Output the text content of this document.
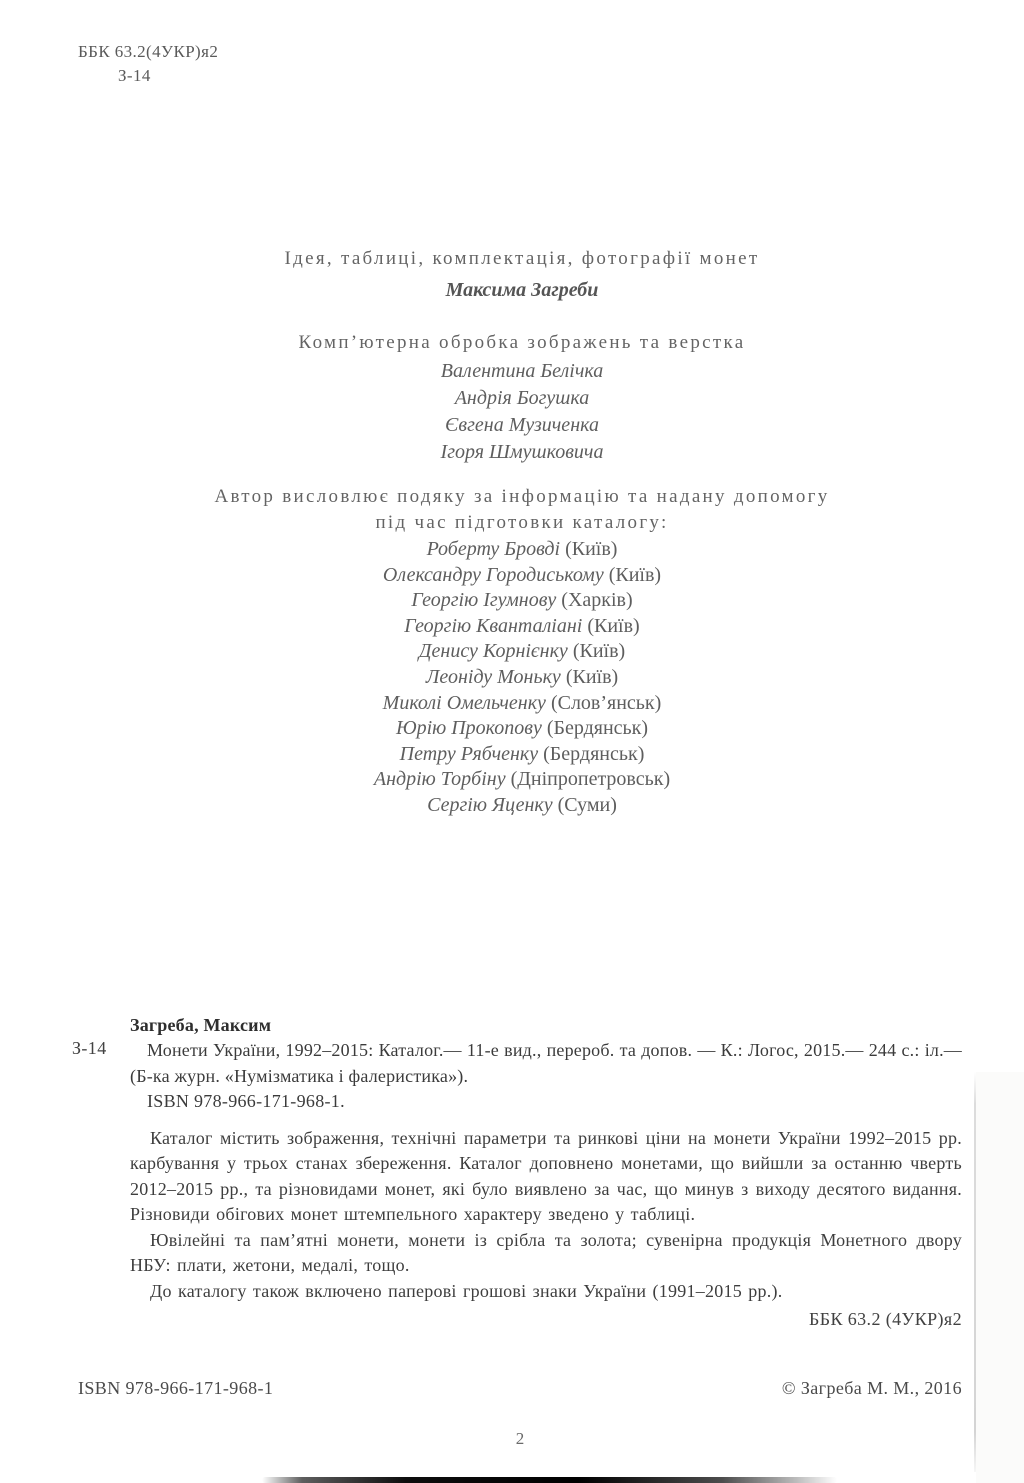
ББК 63.2(4УКР)я2
З-14
Ідея, таблиці, комплектація, фотографії монет
Максима Загреби
Комп’ютерна обробка зображень та верстка
Валентина Белічка
Андрія Богушка
Євгена Музиченка
Ігоря Шмушковича
Автор висловлює подяку за інформацію та надану допомогу
під час підготовки каталогу:
Роберту Бровді (Київ)
Олександру Городиському (Київ)
Георгію Ігумнову (Харків)
Георгію Кванталіані (Київ)
Денису Корнієнку (Київ)
Леоніду Моньку (Київ)
Миколі Омельченку (Слов’янськ)
Юрію Прокопову (Бердянськ)
Петру Рябченку (Бердянськ)
Андрію Торбіну (Дніпропетровськ)
Сергію Яценку (Суми)
З-14
Загреба, Максим

Монети України, 1992–2015: Каталог.— 11-е вид., перероб. та допов. — К.: Логос, 2015.— 244 с.: іл.— (Б-ка журн. «Нумізматика і фалеристика»).

ISBN 978-966-171-968-1.

Каталог містить зображення, технічні параметри та ринкові ціни на монети України 1992–2015 рр. карбування у трьох станах збереження. Каталог доповнено монетами, що вийшли за останню чверть 2012–2015 рр., та різновидами монет, які було виявлено за час, що минув з виходу десятого видання. Різновиди обігових монет штемпельного характеру зведено у таблиці.

Ювілейні та пам’ятні монети, монети із срібла та золота; сувенірна продукція Монетного двору НБУ: плати, жетони, медалі, тощо.

До каталогу також включено паперові грошові знаки України (1991–2015 рр.).

ББК 63.2 (4УКР)я2
ISBN 978-966-171-968-1	© Загреба М. М., 2016
2
